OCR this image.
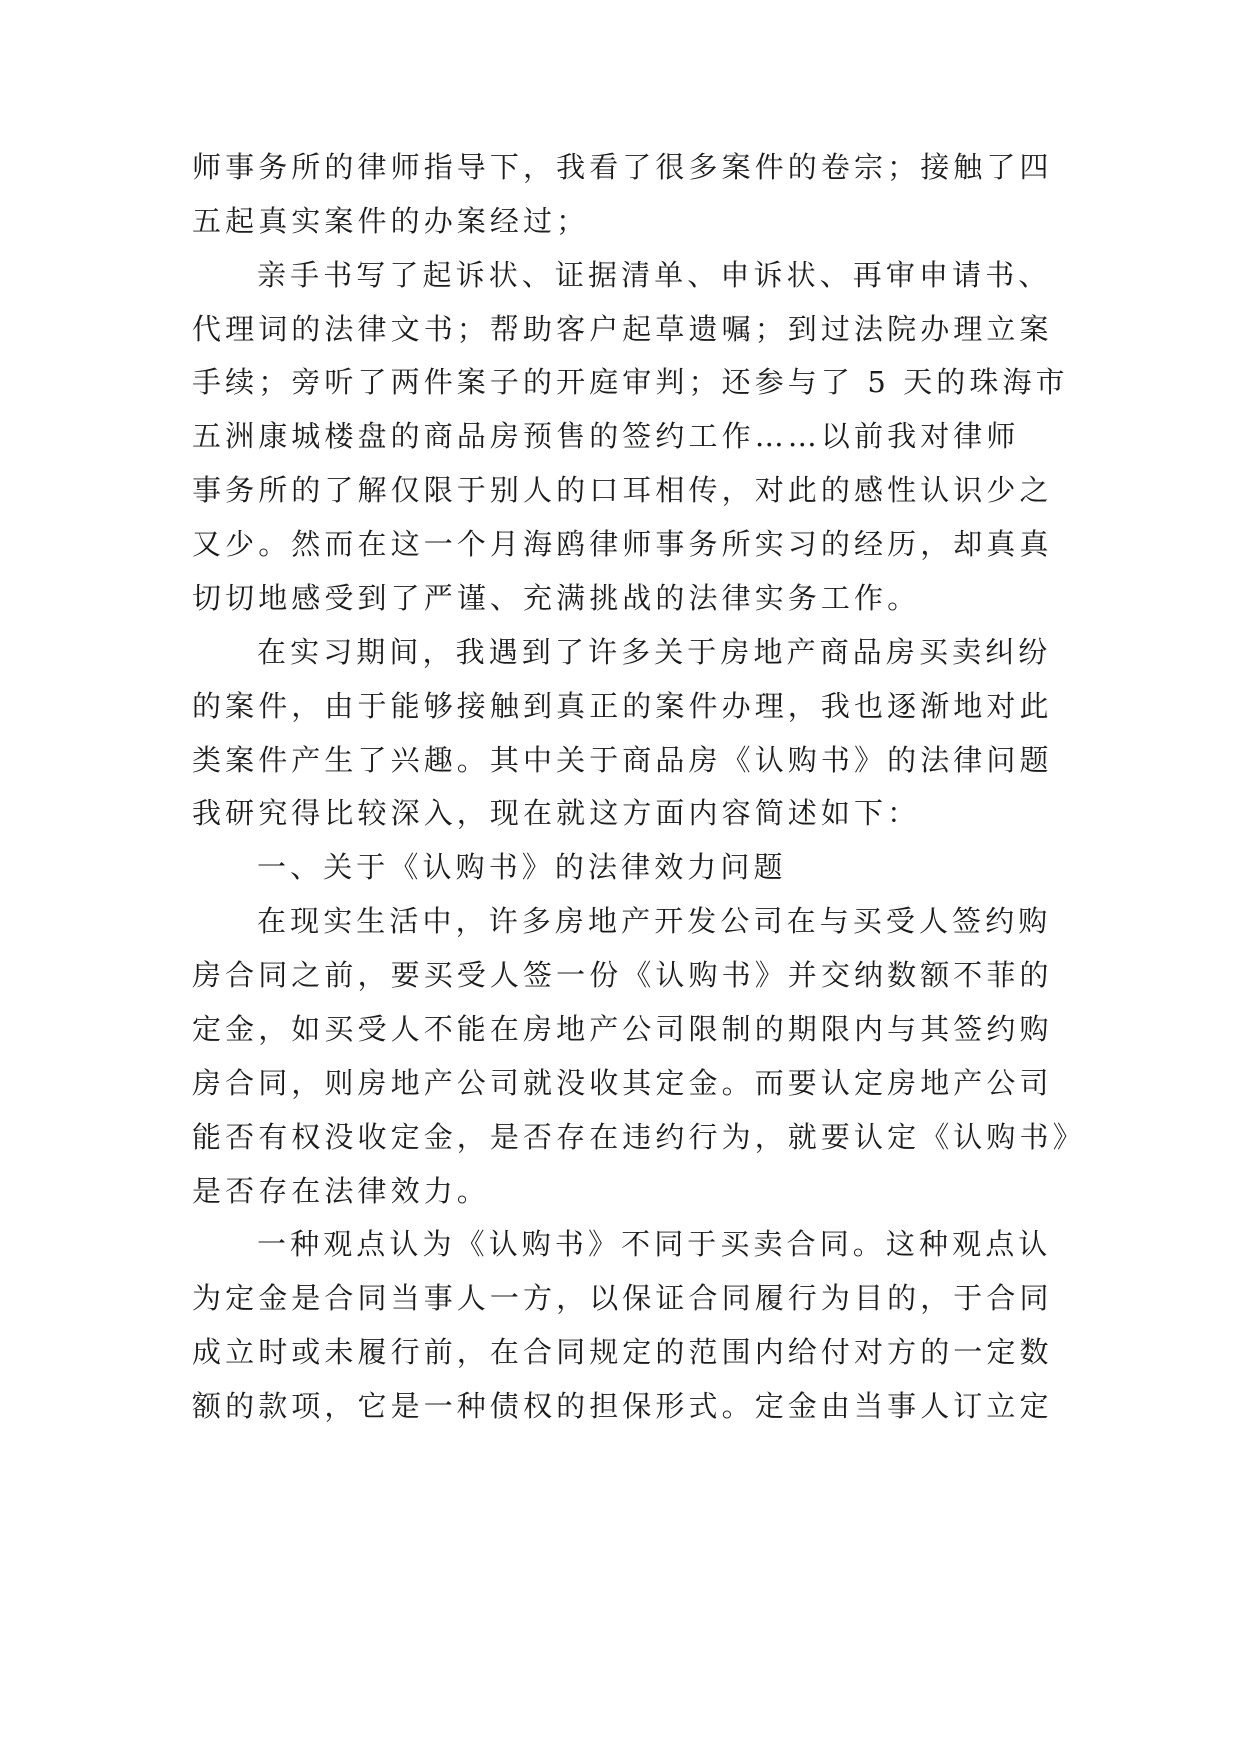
师事务所的律师指导下，我看了很多案件的卷宗；接触了四
五起真实案件的办案经过；
亲手书写了起诉状、证据清单、申诉状、再审申请书、
代理词的法律文书；帮助客户起草遗嘱；到过法院办理立案
手续；旁听了两件案子的开庭审判；还参与了 5 天的珠海市
五洲康城楼盘的商品房预售的签约工作……以前我对律师
事务所的了解仅限于别人的口耳相传，对此的感性认识少之
又少。然而在这一个月海鸥律师事务所实习的经历，却真真
切切地感受到了严谨、充满挑战的法律实务工作。
在实习期间，我遇到了许多关于房地产商品房买卖纠纷
的案件，由于能够接触到真正的案件办理，我也逐渐地对此
类案件产生了兴趣。其中关于商品房《认购书》的法律问题
我研究得比较深入，现在就这方面内容简述如下：
一、关于《认购书》的法律效力问题
在现实生活中，许多房地产开发公司在与买受人签约购
房合同之前，要买受人签一份《认购书》并交纳数额不菲的
定金，如买受人不能在房地产公司限制的期限内与其签约购
房合同，则房地产公司就没收其定金。而要认定房地产公司
能否有权没收定金，是否存在违约行为，就要认定《认购书》
是否存在法律效力。
一种观点认为《认购书》不同于买卖合同。这种观点认
为定金是合同当事人一方，以保证合同履行为目的，于合同
成立时或未履行前，在合同规定的范围内给付对方的一定数
额的款项，它是一种债权的担保形式。定金由当事人订立定
